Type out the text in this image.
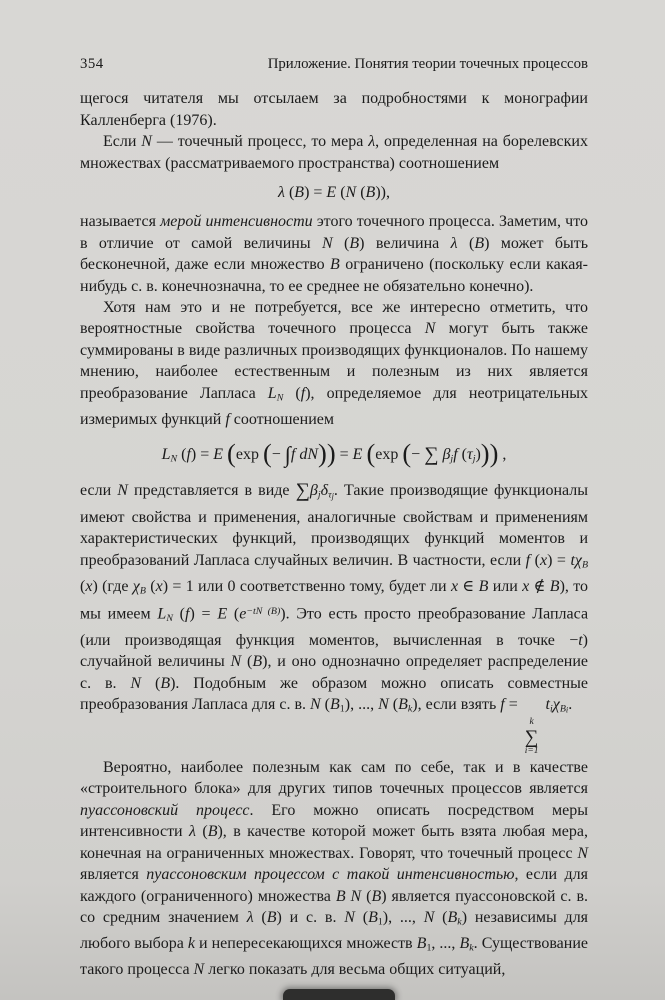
354	Приложение. Понятия теории точечных процессов

щегося читателя мы отсылаем за подробностями к монографии Калленберга (1976).

Если N — точечный процесс, то мера λ, определенная на борелевских множествах (рассматриваемого пространства) соотношением

λ (B) = E (N (B)),

называется мерой интенсивности этого точечного процесса. Заметим, что в отличие от самой величины N (B) величина λ (B) может быть бесконечной, даже если множество B ограничено (поскольку если какая-нибудь с. в. конечнозначна, то ее среднее не обязательно конечно).

Хотя нам это и не потребуется, все же интересно отметить, что вероятностные свойства точечного процесса N могут быть также суммированы в виде различных производящих функционалов. По нашему мнению, наиболее естественным и полезным из них является преобразование Лапласа LN (f), определяемое для неотрицательных измеримых функций f соотношением

LN (f) = E (exp (− ∫f dN)) = E (exp (− ∑ βjf (τj))) ,

если N представляется в виде ∑βjδτ$_j$. Такие производящие функционалы имеют свойства и применения, аналогичные свойствам и применениям характеристических функций, производящих функций моментов и преобразований Лапласа случайных величин. В частности, если f (x) = tχB (x) (где χB (x) = 1 или 0 соответственно тому, будет ли x ∈ B или x ∉ B), то мы имеем LN (f) = E $(e^{-tN (B)})$. Это есть просто преобразование Лапласа (или производящая функция моментов, вычисленная в точке −t) случайной величины N (B), и оно однозначно определяет распределение с. в. N (B). Подобным же образом можно описать совместные преобразования Лапласа для с. в. N (B1), ..., N (Bk), если взять f =
k
∑
i=1
tiχB$_i$.

Вероятно, наиболее полезным как сам по себе, так и в качестве «строительного блока» для других типов точечных процессов является пуассоновский процесс. Его можно описать посредством меры интенсивности λ (B), в качестве которой может быть взята любая мера, конечная на ограниченных множествах. Говорят, что точечный процесс N является пуассоновским процессом с такой интенсивностью, если для каждого (ограниченного) множества B N (B) является пуассоновской с. в. со средним значением λ (B) и с. в. N (B1), ..., N (Bk) независимы для любого выбора k и непересекающихся множеств B1, ..., Bk. Существование такого процесса N легко показать для весьма общих ситуаций,
